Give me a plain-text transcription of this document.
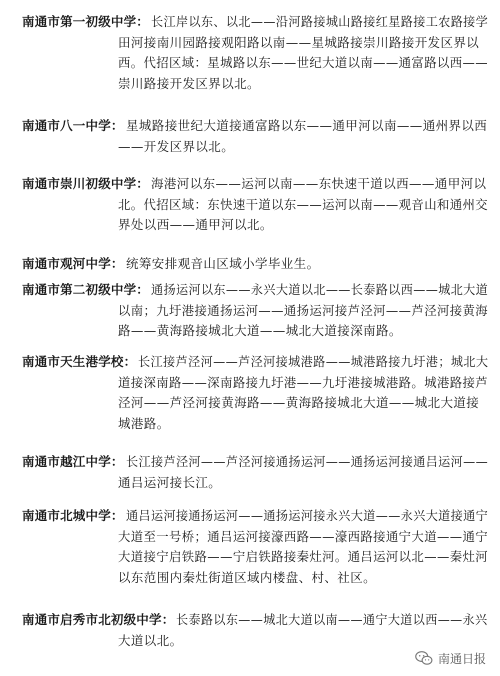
南通市第一初级中学： 长江岸以东、以北——沿河路接城山路接红星路接工农路接学
田河接南川园路接观阳路以南——星城路接崇川路接开发区界以
西。代招区域：星城路以东——世纪大道以南——通富路以西——
崇川路接开发区界以北。
南通市八一中学： 星城路接世纪大道接通富路以东——通甲河以南——通州界以西
——开发区界以北。
南通市崇川初级中学： 海港河以东——运河以南——东快速干道以西——通甲河以
北。代招区域：东快速干道以东——运河以南——观音山和通州交
界处以西——通甲河以北。
南通市观河中学： 统筹安排观音山区域小学毕业生。
南通市第二初级中学： 通扬运河以东——永兴大道以北——长泰路以西——城北大道
以南；九圩港接通扬运河——通扬运河接芦泾河——芦泾河接黄海
路——黄海路接城北大道——城北大道接深南路。
南通市天生港学校： 长江接芦泾河——芦泾河接城港路——城港路接九圩港；城北大
道接深南路——深南路接九圩港——九圩港接城港路。城港路接芦
泾河——芦泾河接黄海路——黄海路接城北大道——城北大道接
城港路。
南通市越江中学： 长江接芦泾河——芦泾河接通扬运河——通扬运河接通吕运河——
通吕运河接长江。
南通市北城中学： 通吕运河接通扬运河——通扬运河接永兴大道——永兴大道接通宁
大道至一号桥；通吕运河接濠西路——濠西路接通宁大道——通宁
大道接宁启铁路——宁启铁路接秦灶河。通吕运河以北——秦灶河
以东范围内秦灶街道区域内楼盘、村、社区。
南通市启秀市北初级中学： 长泰路以东——城北大道以南——通宁大道以西——永兴
大道以北。
南通日报
